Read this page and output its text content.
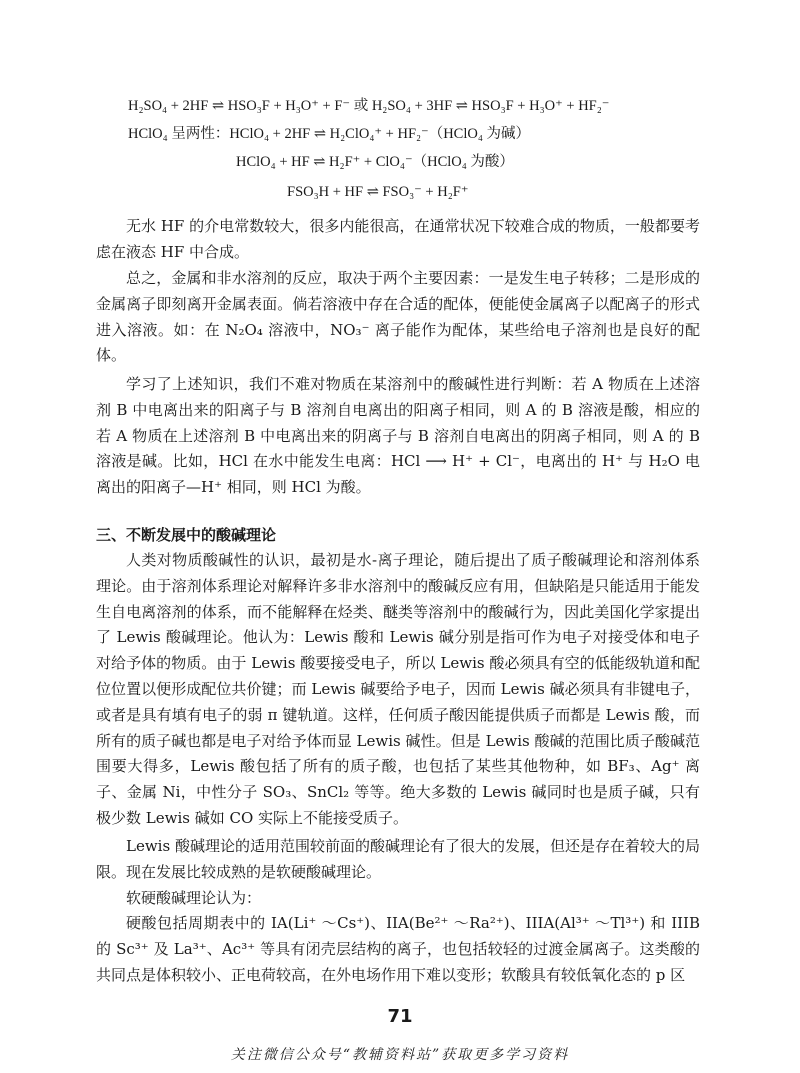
H₂SO₄ + 2HF ⇌ HSO₃F + H₃O⁺ + F⁻ 或 H₂SO₄ + 3HF ⇌ HSO₃F + H₃O⁺ + HF₂⁻
HClO₄ 呈两性：HClO₄ + 2HF ⇌ H₂ClO₄⁺ + HF₂⁻（HClO₄ 为碱）
HClO₄ + HF ⇌ H₂F⁺ + ClO₄⁻（HClO₄ 为酸）
FSO₃H + HF ⇌ FSO₃⁻ + H₂F⁺
无水 HF 的介电常数较大，很多内能很高，在通常状况下较难合成的物质，一般都要考虑在液态 HF 中合成。
总之，金属和非水溶剂的反应，取决于两个主要因素：一是发生电子转移；二是形成的金属离子即刻离开金属表面。倘若溶液中存在合适的配体，便能使金属离子以配离子的形式进入溶液。如：在 N₂O₄ 溶液中，NO₃⁻ 离子能作为配体，某些给电子溶剂也是良好的配体。
学习了上述知识，我们不难对物质在某溶剂中的酸碱性进行判断：若 A 物质在上述溶剂 B 中电离出来的阳离子与 B 溶剂自电离出的阳离子相同，则 A 的 B 溶液是酸，相应的若 A 物质在上述溶剂 B 中电离出来的阴离子与 B 溶剂自电离出的阴离子相同，则 A 的 B 溶液是碱。比如，HCl 在水中能发生电离：HCl ⟶ H⁺ + Cl⁻，电离出的 H⁺ 与 H₂O 电离出的阳离子—H⁺ 相同，则 HCl 为酸。
三、不断发展中的酸碱理论
人类对物质酸碱性的认识，最初是水-离子理论，随后提出了质子酸碱理论和溶剂体系理论。由于溶剂体系理论对解释许多非水溶剂中的酸碱反应有用，但缺陷是只能适用于能发生自电离溶剂的体系，而不能解释在烃类、醚类等溶剂中的酸碱行为，因此美国化学家提出了 Lewis 酸碱理论。他认为：Lewis 酸和 Lewis 碱分别是指可作为电子对接受体和电子对给予体的物质。由于 Lewis 酸要接受电子，所以 Lewis 酸必须具有空的低能级轨道和配位位置以便形成配位共价键；而 Lewis 碱要给予电子，因而 Lewis 碱必须具有非键电子，或者是具有填有电子的弱 π 键轨道。这样，任何质子酸因能提供质子而都是 Lewis 酸，而所有的质子碱也都是电子对给予体而显 Lewis 碱性。但是 Lewis 酸碱的范围比质子酸碱范围要大得多，Lewis 酸包括了所有的质子酸，也包括了某些其他物种，如 BF₃、Ag⁺ 离子、金属 Ni，中性分子 SO₃、SnCl₂ 等等。绝大多数的 Lewis 碱同时也是质子碱，只有极少数 Lewis 碱如 CO 实际上不能接受质子。
Lewis 酸碱理论的适用范围较前面的酸碱理论有了很大的发展，但还是存在着较大的局限。现在发展比较成熟的是软硬酸碱理论。
软硬酸碱理论认为：
硬酸包括周期表中的 IA(Li⁺ ～Cs⁺)、IIA(Be²⁺ ～Ra²⁺)、IIIA(Al³⁺ ～Tl³⁺) 和 IIIB 的 Sc³⁺ 及 La³⁺、Ac³⁺ 等具有闭壳层结构的离子，也包括较轻的过渡金属离子。这类酸的共同点是体积较小、正电荷较高，在外电场作用下难以变形；软酸具有较低氧化态的 p 区
71
关注微信公众号“教辅资料站”获取更多学习资料
